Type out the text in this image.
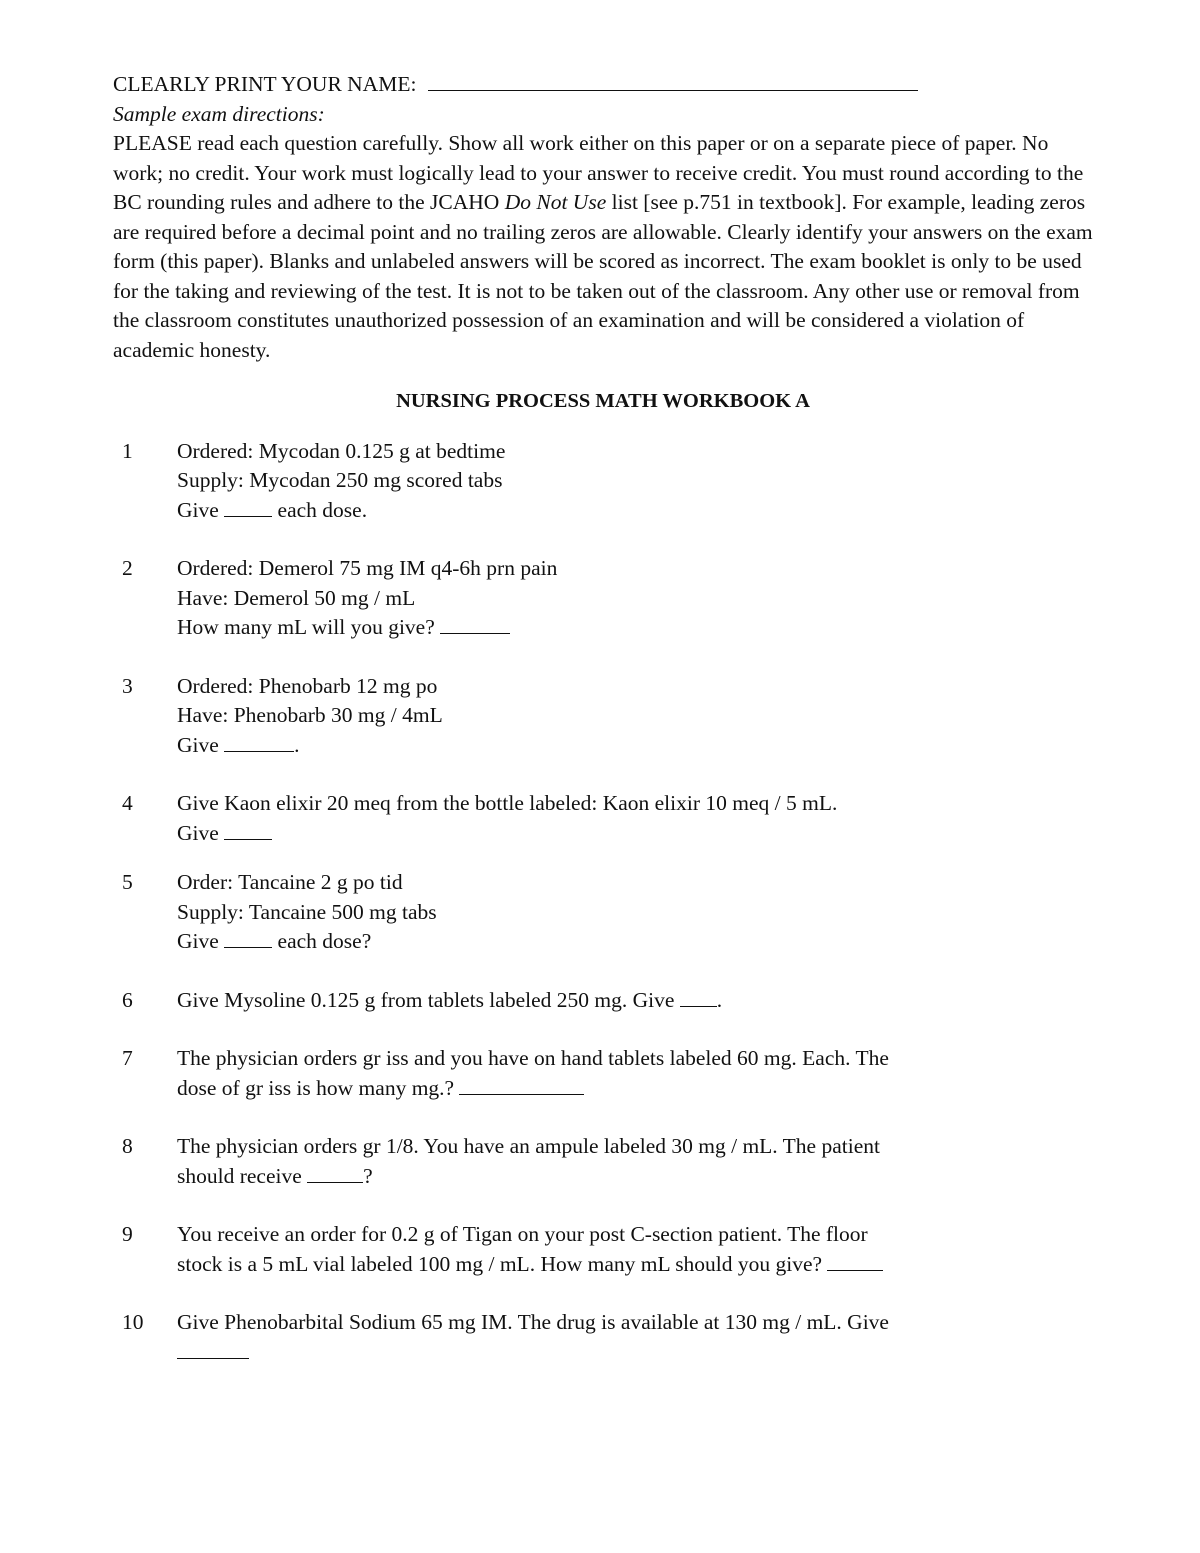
CLEARLY PRINT YOUR NAME:
Sample exam directions:

PLEASE read each question carefully. Show all work either on this paper or on a separate piece of paper. No work; no credit. Your work must logically lead to your answer to receive credit. You must round according to the BC rounding rules and adhere to the JCAHO Do Not Use list [see p.751 in textbook]. For example, leading zeros are required before a decimal point and no trailing zeros are allowable. Clearly identify your answers on the exam form (this paper). Blanks and unlabeled answers will be scored as incorrect. The exam booklet is only to be used for the taking and reviewing of the test. It is not to be taken out of the classroom. Any other use or removal from the classroom constitutes unauthorized possession of an examination and will be considered a violation of academic honesty.

NURSING PROCESS MATH WORKBOOK A
1	Ordered: Mycodan 0.125 g at bedtime
Supply: Mycodan 250 mg scored tabs
Give  each dose.
2	Ordered: Demerol 75 mg IM q4-6h prn pain
Have: Demerol 50 mg / mL
How many mL will you give?
3	Ordered: Phenobarb 12 mg po
Have: Phenobarb 30 mg / 4mL
Give	.
4	Give Kaon elixir 20 meq from the bottle labeled: Kaon elixir 10 meq / 5 mL.
Give
5	Order: Tancaine 2 g po tid
Supply: Tancaine 500 mg tabs
Give  each dose?
6	Give Mysoline 0.125 g from tablets labeled 250 mg. Give .
7	The physician orders gr iss and you have on hand tablets labeled 60 mg. Each. The
dose of gr iss is how many mg.?
8	The physician orders gr 1/8. You have an ampule labeled 30 mg / mL. The patient
should receive	?
9	You receive an order for 0.2 g of Tigan on your post C-section patient. The floor
stock is a 5 mL vial labeled 100 mg / mL. How many mL should you give?
10	Give Phenobarbital Sodium 65 mg IM. The drug is available at 130 mg / mL. Give
